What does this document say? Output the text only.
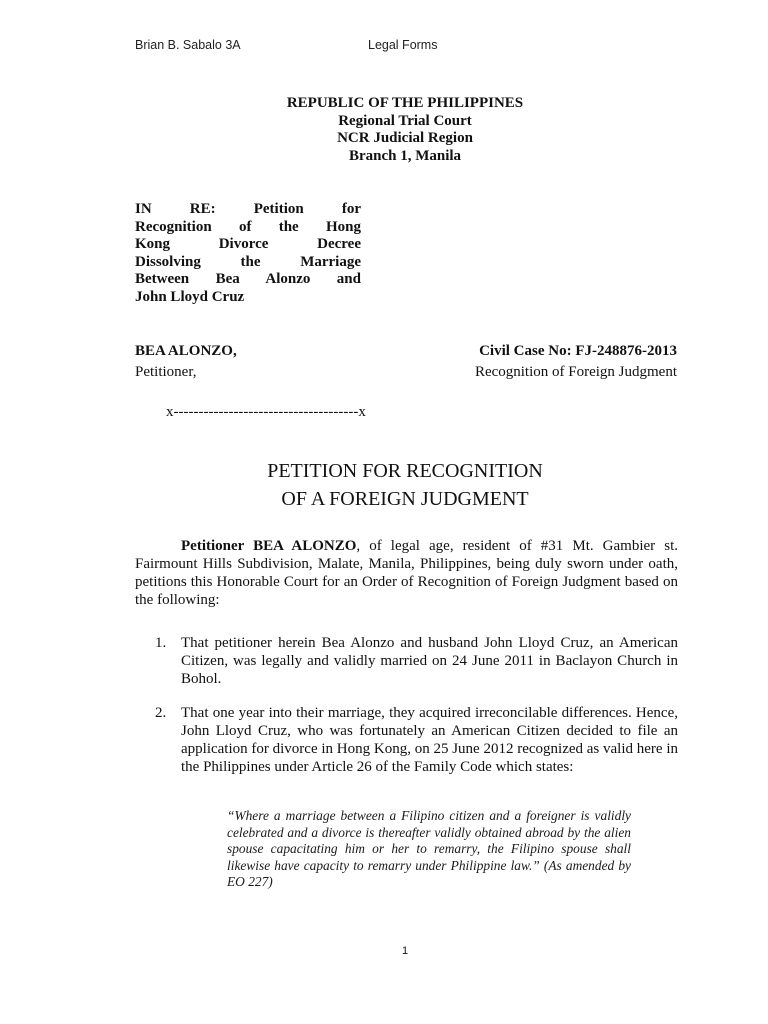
Brian B. Sabalo 3A	Legal Forms
REPUBLIC OF THE PHILIPPINES
Regional Trial Court
NCR Judicial Region
Branch 1, Manila
IN RE: Petition for
Recognition of the Hong
Kong Divorce Decree
Dissolving the Marriage
Between Bea Alonzo and
John Lloyd Cruz
BEA ALONZO,
Petitioner,
Civil Case No: FJ-248876-2013
Recognition of Foreign Judgment
x-------------------------------------x
PETITION FOR RECOGNITION
OF A FOREIGN JUDGMENT
Petitioner BEA ALONZO, of legal age, resident of #31 Mt. Gambier st. Fairmount Hills Subdivision, Malate, Manila, Philippines, being duly sworn under oath, petitions this Honorable Court for an Order of Recognition of Foreign Judgment based on the following:
1. That petitioner herein Bea Alonzo and husband John Lloyd Cruz, an American Citizen, was legally and validly married on 24 June 2011 in Baclayon Church in Bohol.
2. That one year into their marriage, they acquired irreconcilable differences. Hence, John Lloyd Cruz, who was fortunately an American Citizen decided to file an application for divorce in Hong Kong, on 25 June 2012 recognized as valid here in the Philippines under Article 26 of the Family Code which states:
“Where a marriage between a Filipino citizen and a foreigner is validly celebrated and a divorce is thereafter validly obtained abroad by the alien spouse capacitating him or her to remarry, the Filipino spouse shall likewise have capacity to remarry under Philippine law.” (As amended by EO 227)
1
